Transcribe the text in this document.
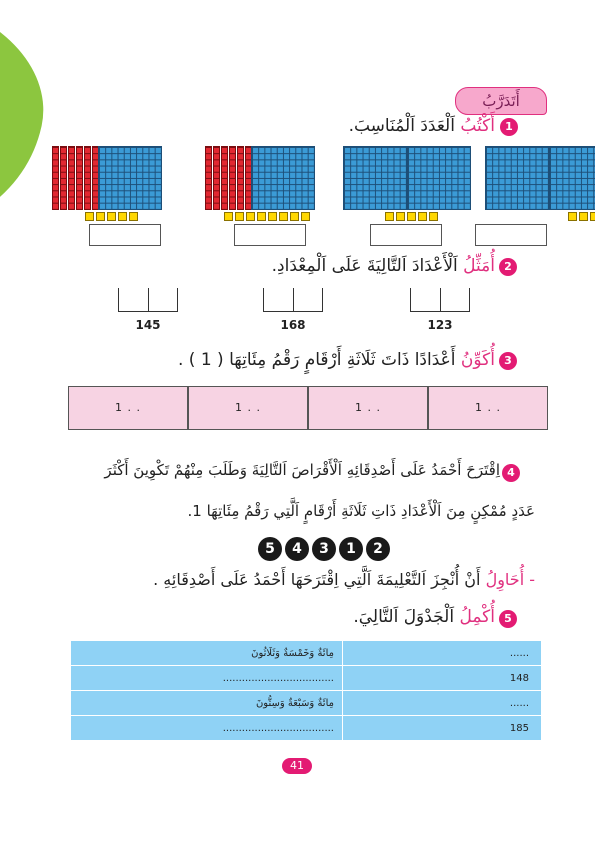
أَتَدَرَّبُ
1
أَكْتُبُ اَلْعَدَدَ اَلْمُنَاسِبَ.
2
أُمَثِّلُ اَلْأَعْدَادَ اَلتَّالِيَةَ عَلَى اَلْمِعْدَادِ.
145	168	123
3
أُكَوِّنُ أَعْدَادًا ذَاتَ ثَلَاثَةِ أَرْقَامٍ رَقْمُ مِئَاتِهَا ( 1 ) .
1 . .	1 . .	1 . .	1 . .
4
اِقْتَرَحَ أَحْمَدُ عَلَى أَصْدِقَائِهِ اَلْأَقْرَاصَ اَلتَّالِيَةَ وَطَلَبَ مِنْهُمْ تَكْوِينَ أَكْثَرَ
عَدَدٍ مُمْكِنٍ مِنَ اَلْأَعْدَادِ ذَاتِ ثَلَاثَةِ أَرْقَامٍ اَلَّتِي رَقْمُ مِئَاتِهَا 1.
5	4	3	1	2
- أُحَاوِلُ أَنْ أُنْجِزَ اَلتَّعْلِيمَةَ اَلَّتِي اِقْتَرَحَهَا أَحْمَدُ عَلَى أَصْدِقَائِهِ .
5
أُكْمِلُ اَلْجَدْوَلَ اَلتَّالِيَ.
مِائَةٌ وَخَمْسَةٌ وَثَلَاثُونَ	......
...................................	148
مِائَةٌ وَسَبْعَةٌ وَسِتُّونَ	......
...................................	185
41
